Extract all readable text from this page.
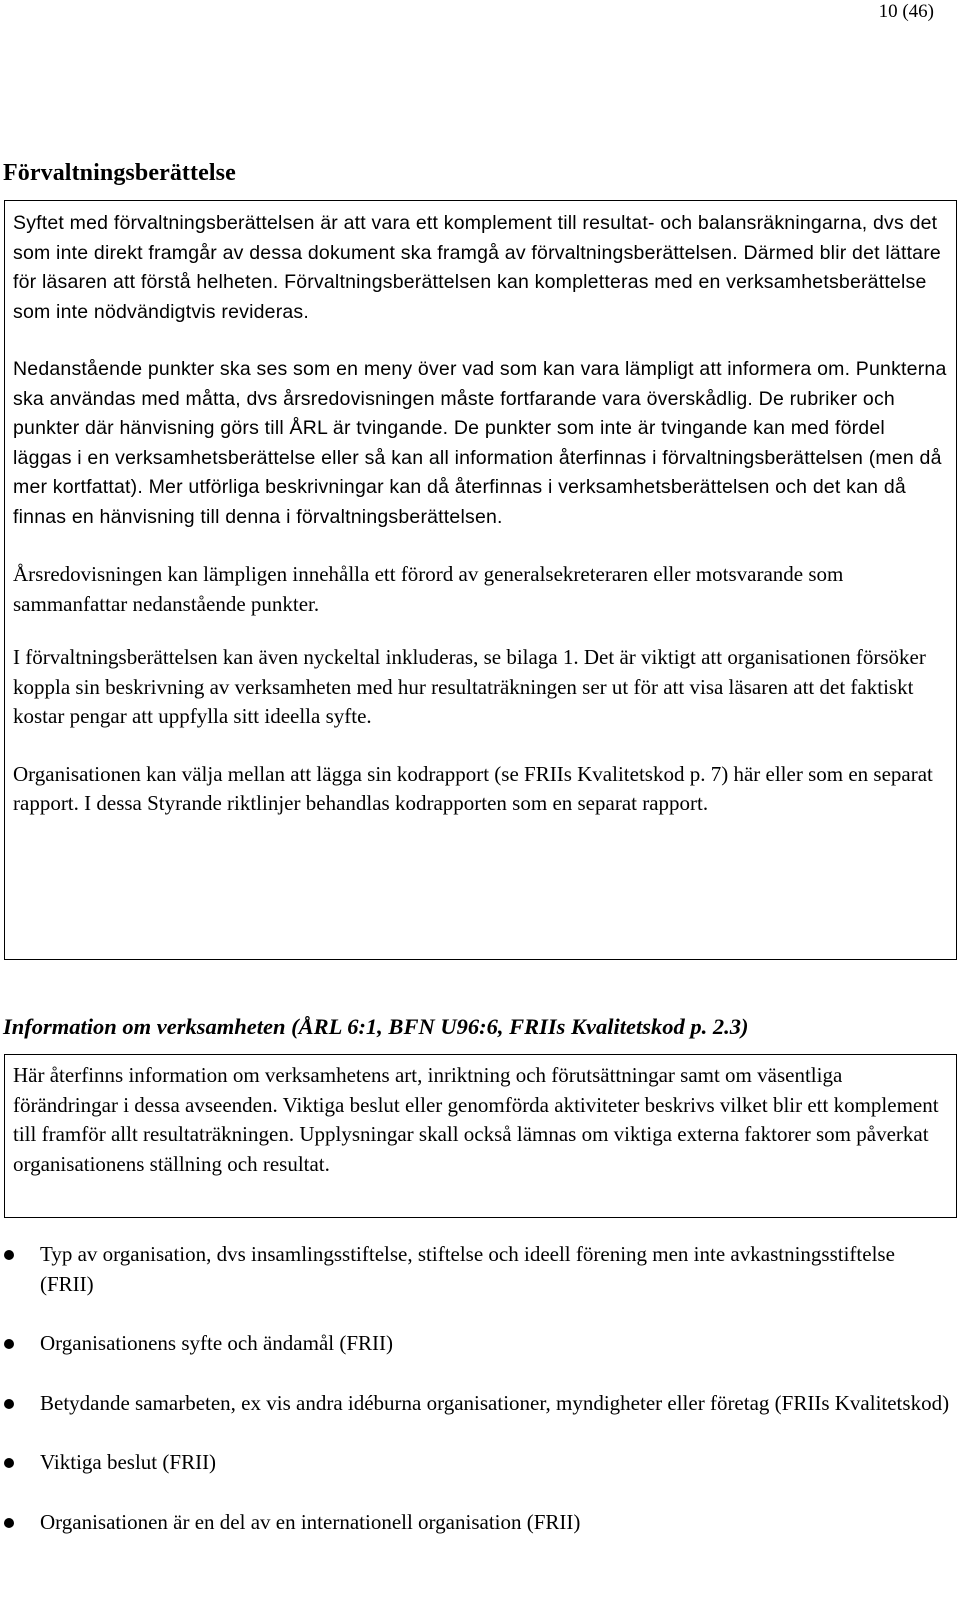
10 (46)
Förvaltningsberättelse

Syftet med förvaltningsberättelsen är att vara ett komplement till resultat- och balansräkningarna, dvs det som inte direkt framgår av dessa dokument ska framgå av förvaltningsberättelsen. Därmed blir det lättare för läsaren att förstå helheten. Förvaltningsberättelsen kan kompletteras med en verksamhetsberättelse som inte nödvändigtvis revideras.

Nedanstående punkter ska ses som en meny över vad som kan vara lämpligt att informera om. Punkterna ska användas med måtta, dvs årsredovisningen måste fortfarande vara överskådlig. De rubriker och punkter där hänvisning görs till ÅRL är tvingande. De punkter som inte är tvingande kan med fördel läggas i en verksamhetsberättelse eller så kan all information återfinnas i förvaltningsberättelsen (men då mer kortfattat). Mer utförliga beskrivningar kan då återfinnas i verksamhetsberättelsen och det kan då finnas en hänvisning till denna i förvaltningsberättelsen.

Årsredovisningen kan lämpligen innehålla ett förord av generalsekreteraren eller motsvarande som sammanfattar nedanstående punkter.

I förvaltningsberättelsen kan även nyckeltal inkluderas, se bilaga 1. Det är viktigt att organisationen försöker koppla sin beskrivning av verksamheten med hur resultaträkningen ser ut för att visa läsaren att det faktiskt kostar pengar att uppfylla sitt ideella syfte.

Organisationen kan välja mellan att lägga sin kodrapport (se FRIIs Kvalitetskod p. 7) här eller som en separat rapport. I dessa Styrande riktlinjer behandlas kodrapporten som en separat rapport.

Information om verksamheten (ÅRL 6:1, BFN U96:6, FRIIs Kvalitetskod p. 2.3)

Här återfinns information om verksamhetens art, inriktning och förutsättningar samt om väsentliga förändringar i dessa avseenden. Viktiga beslut eller genomförda aktiviteter beskrivs vilket blir ett komplement till framför allt resultaträkningen. Upplysningar skall också lämnas om viktiga externa faktorer som påverkat organisationens ställning och resultat.

Typ av organisation, dvs insamlingsstiftelse, stiftelse och ideell förening men inte avkastningsstiftelse (FRII)
Organisationens syfte och ändamål (FRII)
Betydande samarbeten, ex vis andra idéburna organisationer, myndigheter eller företag (FRIIs Kvalitetskod)
Viktiga beslut (FRII)
Organisationen är en del av en internationell organisation (FRII)
